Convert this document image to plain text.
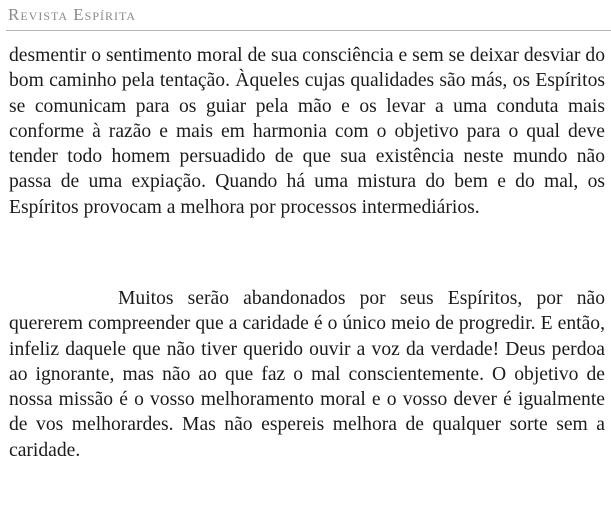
Revista Espírita

desmentir o sentimento moral de sua consciência e sem se deixar desviar do bom caminho pela tentação. Àqueles cujas qualidades são más, os Espíritos se comunicam para os guiar pela mão e os levar a uma conduta mais conforme à razão e mais em harmonia com o objetivo para o qual deve tender todo homem persuadido de que sua existência neste mundo não passa de uma expiação. Quando há uma mistura do bem e do mal, os Espíritos provocam a melhora por processos intermediários.

Muitos serão abandonados por seus Espíritos, por não quererem compreender que a caridade é o único meio de progredir. E então, infeliz daquele que não tiver querido ouvir a voz da verdade! Deus perdoa ao ignorante, mas não ao que faz o mal conscientemente. O objetivo de nossa missão é o vosso melhoramento moral e o vosso dever é igualmente de vos melhorardes. Mas não espereis melhora de qualquer sorte sem a caridade.
